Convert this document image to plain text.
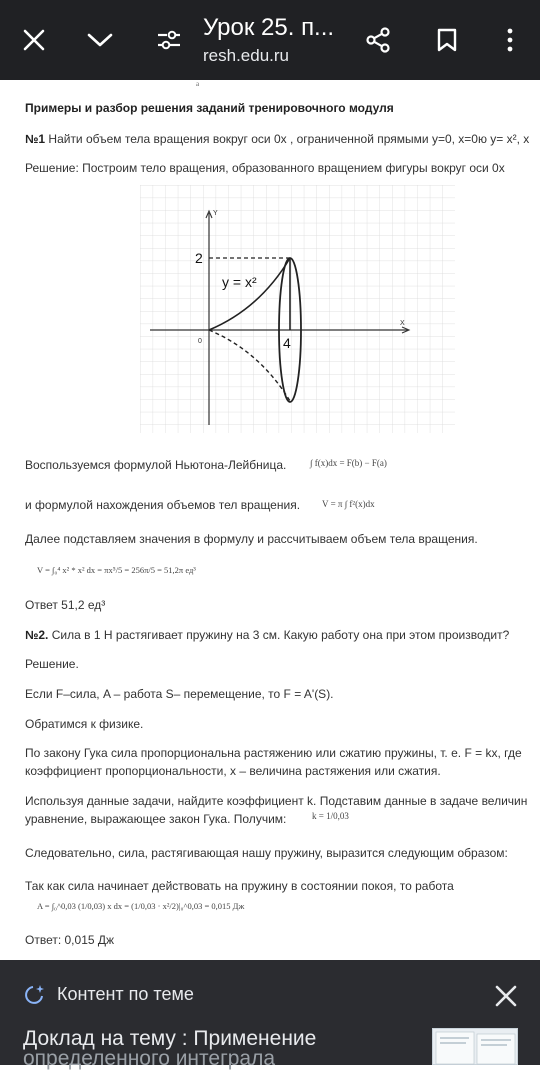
Урок 25. п...
resh.edu.ru
a
Примеры и разбор решения заданий тренировочного модуля
№1 Найти объем тела вращения вокруг оси 0x , ограниченной прямыми y=0, x=0ю y= x², x
Решение: Построим тело вращения, образованного вращением фигуры вокруг оси 0x
Y
X
0
2
4
y = x²
Воспользуемся формулой Ньютона-Лейбница.	∫ f(x)dx = F(b) − F(a)
и формулой нахождения объемов тел вращения. V = π ∫ f²(x)dx
Далее подставляем значения в формулу и рассчитываем объем тела вращения.
V = ∫₀⁴ x² * x² dx = πx⁵/5 = 256π/5 = 51,2π ед³
Ответ 51,2 ед³
№2. Сила в 1 Н растягивает пружину на 3 см. Какую работу она при этом производит?
Решение.
Если F–сила, A – работа S– перемещение, то F = A'(S).
Обратимся к физике.
По закону Гука сила пропорциональна растяжению или сжатию пружины, т. е. F = kx, где
коэффициент пропорциональности, x – величина растяжения или сжатия.
Используя данные задачи, найдите коэффициент k. Подставим данные в задаче величин
уравнение, выражающее закон Гука. Получим:	k = 1/0,03
Следовательно, сила, растягивающая нашу пружину, выразится следующим образом:
Так как сила начинает действовать на пружину в состоянии покоя, то работа
A = ∫₀^0,03 (1/0,03) x dx = (1/0,03 · x²/2)|₀^0,03 = 0,015 Дж
Ответ: 0,015 Дж
Контент по теме
Доклад на тему : Применение
определенного интеграла
